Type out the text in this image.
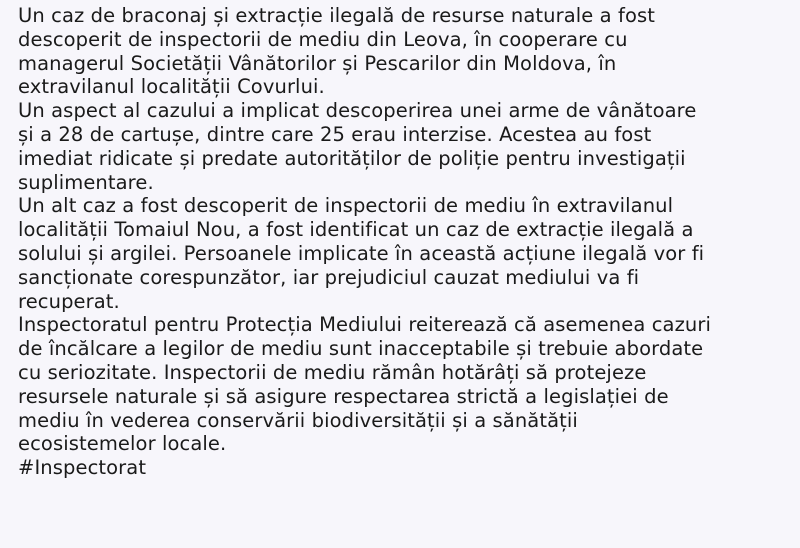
Un caz de braconaj și extracție ilegală de resurse naturale a fost
descoperit de inspectorii de mediu din Leova, în cooperare cu
managerul Societății Vânătorilor și Pescarilor din Moldova, în
extravilanul localității Covurlui.
Un aspect al cazului a implicat descoperirea unei arme de vânătoare
și a 28 de cartușe, dintre care 25 erau interzise. Acestea au fost
imediat ridicate și predate autorităților de poliție pentru investigații
suplimentare.
Un alt caz a fost descoperit de inspectorii de mediu în extravilanul
localității Tomaiul Nou, a fost identificat un caz de extracție ilegală a
solului și argilei. Persoanele implicate în această acțiune ilegală vor fi
sancționate corespunzător, iar prejudiciul cauzat mediului va fi
recuperat.
Inspectoratul pentru Protecția Mediului reiterează că asemenea cazuri
de încălcare a legilor de mediu sunt inacceptabile și trebuie abordate
cu seriozitate. Inspectorii de mediu rămân hotărâți să protejeze
resursele naturale și să asigure respectarea strictă a legislației de
mediu în vederea conservării biodiversității și a sănătății
ecosistemelor locale.
#Inspectorat
